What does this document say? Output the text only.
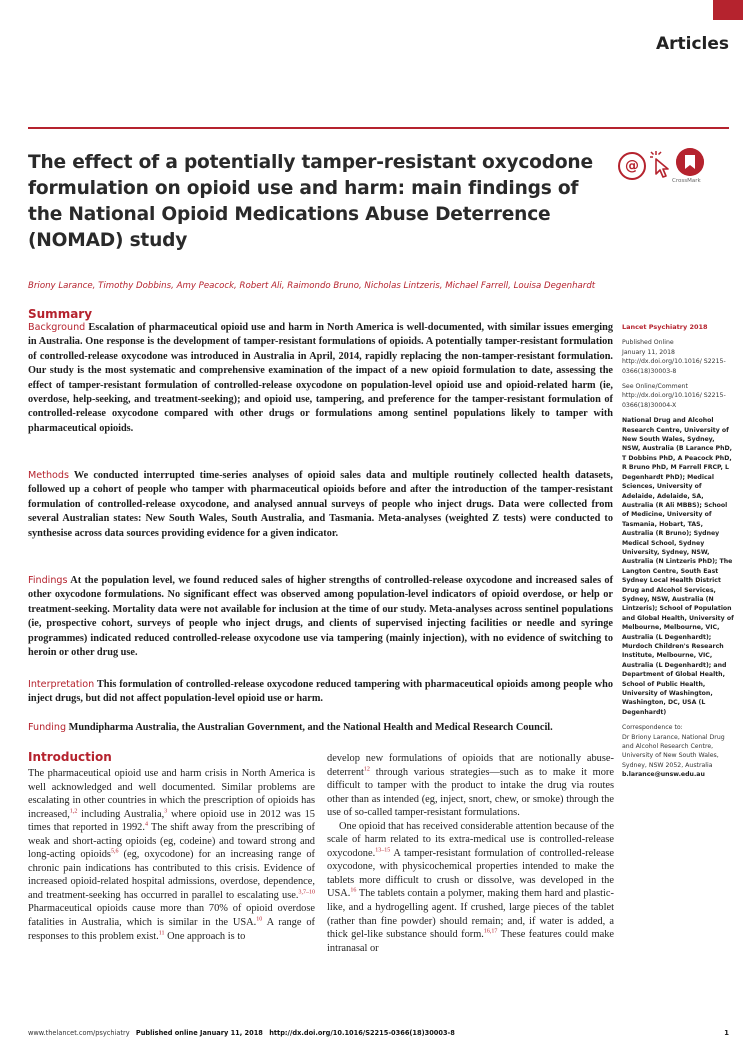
Articles
The effect of a potentially tamper-resistant oxycodone formulation on opioid use and harm: main findings of the National Opioid Medications Abuse Deterrence (NOMAD) study
@
CrossMark
Briony Larance, Timothy Dobbins, Amy Peacock, Robert Ali, Raimondo Bruno, Nicholas Lintzeris, Michael Farrell, Louisa Degenhardt
Summary

Background Escalation of pharmaceutical opioid use and harm in North America is well-documented, with similar issues emerging in Australia. One response is the development of tamper-resistant formulations of opioids. A potentially tamper-resistant formulation of controlled-release oxycodone was introduced in Australia in April, 2014, rapidly replacing the non-tamper-resistant formulation. Our study is the most systematic and comprehensive examination of the impact of a new opioid formulation to date, assessing the effect of tamper-resistant formulation of controlled-release oxycodone on population-level opioid use and opioid-related harm (ie, overdose, help-seeking, and treatment-seeking); and opioid use, tampering, and preference for the tamper-resistant formulation of controlled-release oxycodone compared with other drugs or formulations among sentinel populations likely to tamper with pharmaceutical opioids.

Methods We conducted interrupted time-series analyses of opioid sales data and multiple routinely collected health datasets, followed up a cohort of people who tamper with pharmaceutical opioids before and after the introduction of the tamper-resistant formulation of controlled-release oxycodone, and analysed annual surveys of people who inject drugs. Data were collected from several Australian states: New South Wales, South Australia, and Tasmania. Meta-analyses (weighted Z tests) were conducted to synthesise across data sources providing evidence for a given indicator.

Findings At the population level, we found reduced sales of higher strengths of controlled-release oxycodone and increased sales of other oxycodone formulations. No significant effect was observed among population-level indicators of opioid overdose, or help or treatment-seeking. Mortality data were not available for inclusion at the time of our study. Meta-analyses across sentinel populations (ie, prospective cohort, surveys of people who inject drugs, and clients of supervised injecting facilities or needle and syringe programmes) indicated reduced controlled-release oxycodone use via tampering (mainly injection), with no evidence of switching to heroin or other drug use.

Interpretation This formulation of controlled-release oxycodone reduced tampering with pharmaceutical opioids among people who inject drugs, but did not affect population-level opioid use or harm.

Funding Mundipharma Australia, the Australian Government, and the National Health and Medical Research Council.

Lancet Psychiatry 2018
Published Online
January 11, 2018
http://dx.doi.org/10.1016/ S2215-0366(18)30003-8
See Online/Comment
http://dx.doi.org/10.1016/ S2215-0366(18)30004-X
National Drug and Alcohol Research Centre, University of New South Wales, Sydney, NSW, Australia (B Larance PhD, T Dobbins PhD, A Peacock PhD, R Bruno PhD, M Farrell FRCP, L Degenhardt PhD); Medical Sciences, University of Adelaide, Adelaide, SA, Australia (R Ali MBBS); School of Medicine, University of Tasmania, Hobart, TAS, Australia (R Bruno); Sydney Medical School, Sydney University, Sydney, NSW, Australia (N Lintzeris PhD); The Langton Centre, South East Sydney Local Health District Drug and Alcohol Services, Sydney, NSW, Australia (N Lintzeris); School of Population and Global Health, University of Melbourne, Melbourne, VIC, Australia (L Degenhardt); Murdoch Children's Research Institute, Melbourne, VIC, Australia (L Degenhardt); and Department of Global Health, School of Public Health, University of Washington, Washington, DC, USA (L Degenhardt)
Correspondence to:
Dr Briony Larance, National Drug and Alcohol Research Centre, University of New South Wales, Sydney, NSW 2052, Australia
b.larance@unsw.edu.au
Introduction

The pharmaceutical opioid use and harm crisis in North America is well acknowledged and well documented. Similar problems are escalating in other countries in which the prescription of opioids has increased,$^{1,2}$ including Australia,$^3$ where opioid use in 2012 was 15 times that reported in 1992.$^4$ The shift away from the prescribing of weak and short-acting opioids (eg, codeine) and toward strong and long-acting opioids$^{5,6}$ (eg, oxycodone) for an increasing range of chronic pain indications has contributed to this crisis. Evidence of increased opioid-related hospital admissions, overdose, dependence, and treatment-seeking has occurred in parallel to escalating use.$^{3,7-10}$ Pharmaceutical opioids cause more than 70% of opioid overdose fatalities in Australia, which is similar in the USA.$^{10}$ A range of responses to this problem exist.$^{11}$ One approach is to

develop new formulations of opioids that are notionally abuse-deterrent$^{12}$ through various strategies—such as to make it more difficult to tamper with the product to intake the drug via routes other than as intended (eg, inject, snort, chew, or smoke) through the use of so-called tamper-resistant formulations.

One opioid that has received considerable attention because of the scale of harm related to its extra-medical use is controlled-release oxycodone.$^{13-15}$ A tamper-resistant formulation of controlled-release oxycodone, with physicochemical properties intended to make the tablets more difficult to crush or dissolve, was developed in the USA.$^{16}$ The tablets contain a polymer, making them hard and plastic-like, and a hydrogelling agent. If crushed, large pieces of the tablet (rather than fine powder) should remain; and, if water is added, a thick gel-like substance should form.$^{16,17}$ These features could make intranasal or

www.thelancet.com/psychiatry Published online January 11, 2018 http://dx.doi.org/10.1016/S2215-0366(18)30003-8	1
